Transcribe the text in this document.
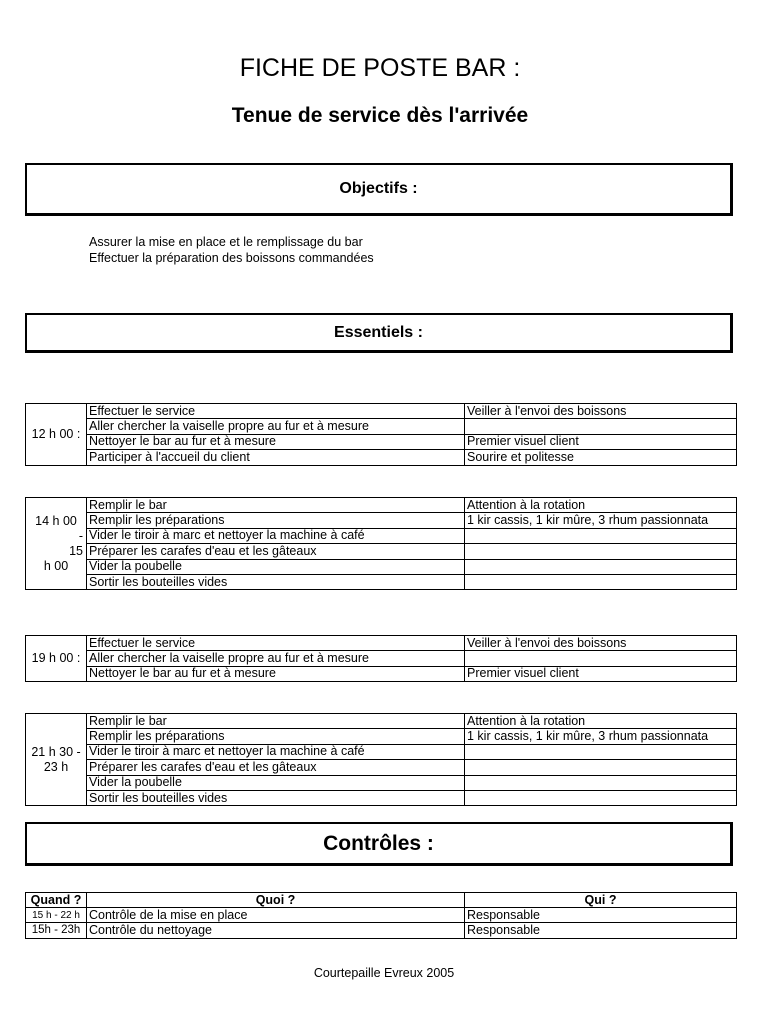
FICHE DE POSTE BAR :
Tenue de service dès l'arrivée
Objectifs :
Assurer la mise en place et le remplissage du bar
Effectuer la préparation des boissons commandées
Essentiels :
12 h 00 :	Effectuer le service	Veiller à l'envoi des boissons
	Aller chercher la vaiselle propre au fur et à mesure	
	Nettoyer le bar au fur et à mesure	Premier visuel client
	Participer à l'accueil du client	Sourire et politesse
14 h 00
-
15
h 00	Remplir le bar	Attention à la rotation
	Remplir les préparations	1 kir cassis, 1 kir mûre, 3 rhum passionnata
	Vider le tiroir à marc et nettoyer la machine à café	
	Préparer les carafes d'eau et les gâteaux	
	Vider la poubelle	
	Sortir les bouteilles vides	
19 h 00 :	Effectuer le service	Veiller à l'envoi des boissons
	Aller chercher la vaiselle propre au fur et à mesure	
	Nettoyer le bar au fur et à mesure	Premier visuel client
21 h 30 - 23 h	Remplir le bar	Attention à la rotation
	Remplir les préparations	1 kir cassis, 1 kir mûre, 3 rhum passionnata
	Vider le tiroir à marc et nettoyer la machine à café	
	Préparer les carafes d'eau et les gâteaux	
	Vider la poubelle	
	Sortir les bouteilles vides	
Contrôles :
Quand ?	Quoi ?	Qui ?
15 h - 22 h	Contrôle de la mise en place	Responsable
15h - 23h	Contrôle du nettoyage	Responsable
Courtepaille Evreux 2005
